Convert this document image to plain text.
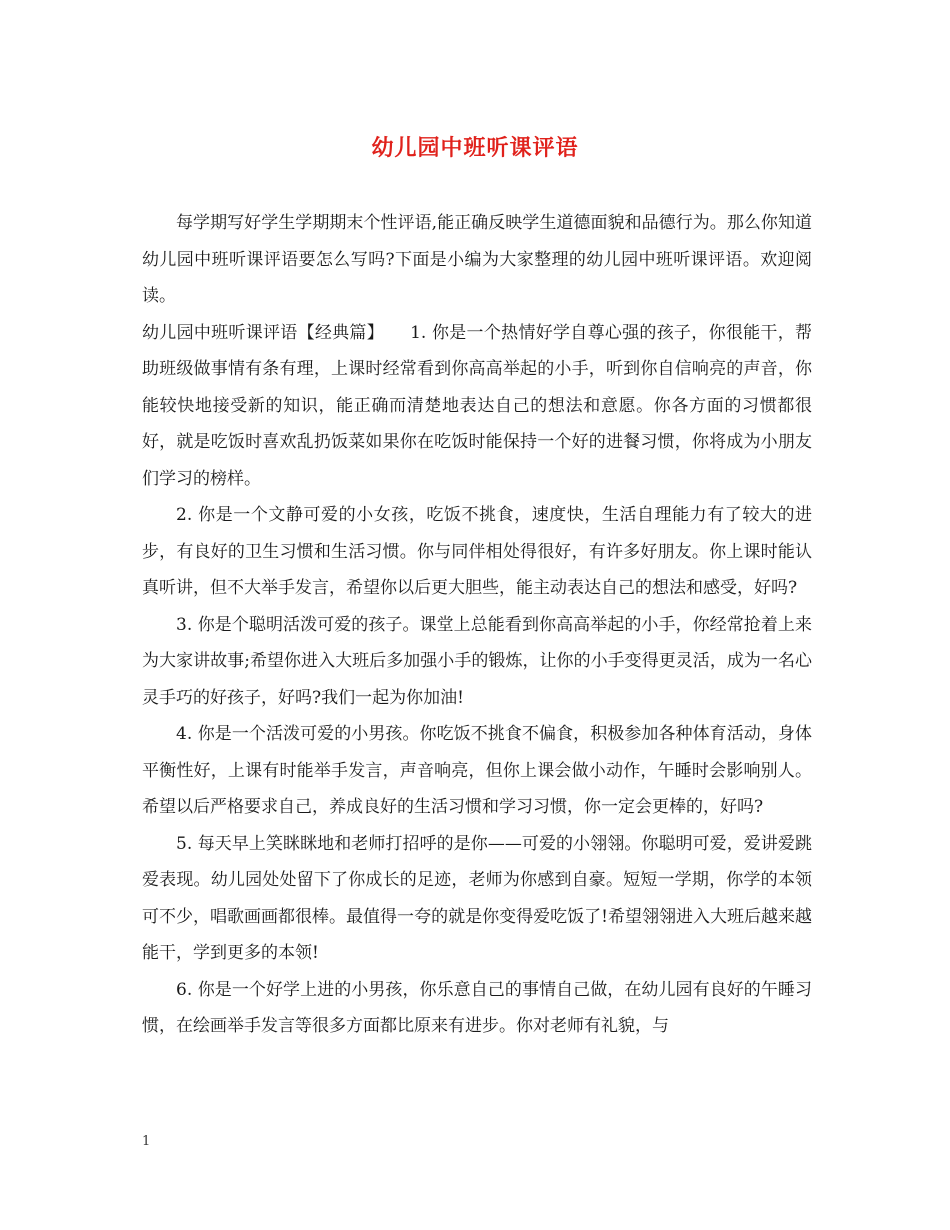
幼儿园中班听课评语

每学期写好学生学期期末个性评语,能正确反映学生道德面貌和品德行为。那么你知道幼儿园中班听课评语要怎么写吗?下面是小编为大家整理的幼儿园中班听课评语。欢迎阅读。

幼儿园中班听课评语【经典篇】　　1. 你是一个热情好学自尊心强的孩子，你很能干，帮助班级做事情有条有理，上课时经常看到你高高举起的小手，听到你自信响亮的声音，你能较快地接受新的知识，能正确而清楚地表达自己的想法和意愿。你各方面的习惯都很好，就是吃饭时喜欢乱扔饭菜如果你在吃饭时能保持一个好的进餐习惯，你将成为小朋友们学习的榜样。

2. 你是一个文静可爱的小女孩，吃饭不挑食，速度快，生活自理能力有了较大的进步，有良好的卫生习惯和生活习惯。你与同伴相处得很好，有许多好朋友。你上课时能认真听讲，但不大举手发言，希望你以后更大胆些，能主动表达自己的想法和感受，好吗?

3. 你是个聪明活泼可爱的孩子。课堂上总能看到你高高举起的小手，你经常抢着上来为大家讲故事;希望你进入大班后多加强小手的锻炼，让你的小手变得更灵活，成为一名心灵手巧的好孩子，好吗?我们一起为你加油!

4. 你是一个活泼可爱的小男孩。你吃饭不挑食不偏食，积极参加各种体育活动，身体平衡性好，上课有时能举手发言，声音响亮，但你上课会做小动作，午睡时会影响别人。希望以后严格要求自己，养成良好的生活习惯和学习习惯，你一定会更棒的，好吗?

5. 每天早上笑眯眯地和老师打招呼的是你——可爱的小翎翎。你聪明可爱，爱讲爱跳爱表现。幼儿园处处留下了你成长的足迹，老师为你感到自豪。短短一学期，你学的本领可不少，唱歌画画都很棒。最值得一夸的就是你变得爱吃饭了!希望翎翎进入大班后越来越能干，学到更多的本领!

6. 你是一个好学上进的小男孩，你乐意自己的事情自己做，在幼儿园有良好的午睡习惯，在绘画举手发言等很多方面都比原来有进步。你对老师有礼貌，与

1
